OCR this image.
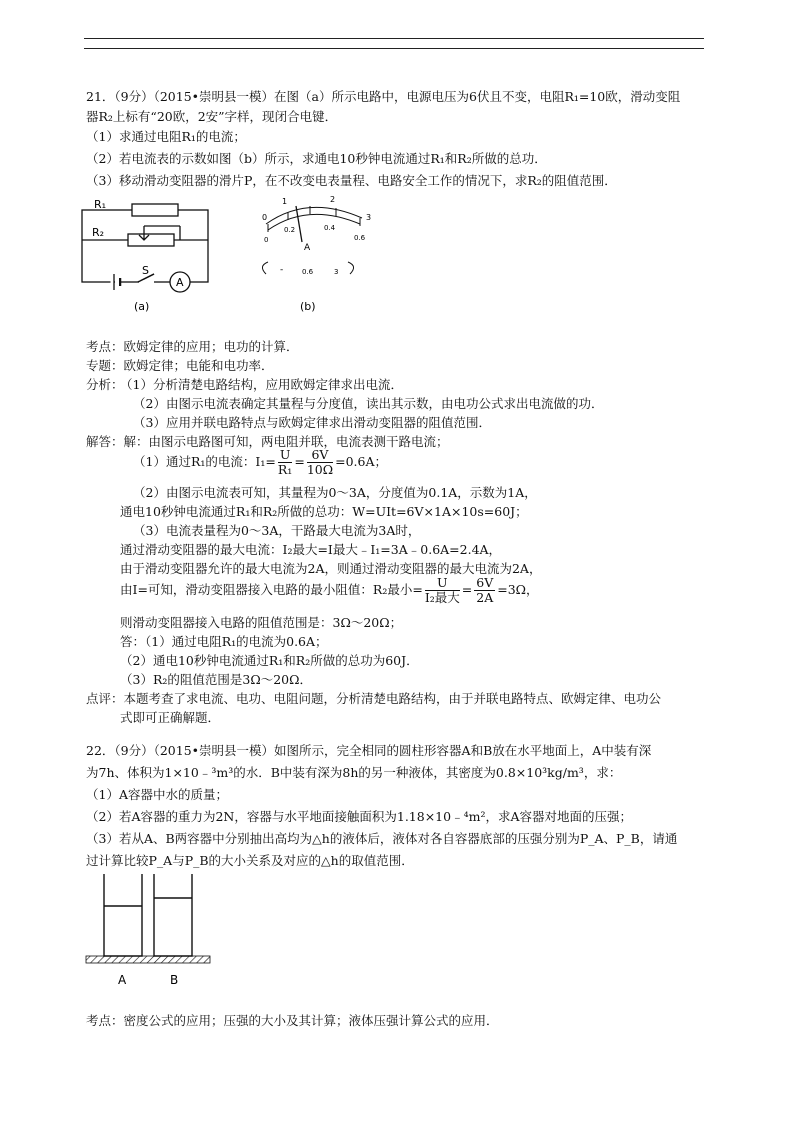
21．（9分）（2015•崇明县一模）在图（a）所示电路中，电源电压为6伏且不变，电阻R₁=10欧，滑动变阻
器R₂上标有“20欧，2安”字样，现闭合电键．
（1）求通过电阻R₁的电流；
（2）若电流表的示数如图（b）所示，求通电10秒钟电流通过R₁和R₂所做的总功．
（3）移动滑动变阻器的滑片P，在不改变电表量程、电路安全工作的情况下，求R₂的阻值范围．
R₁
R₂
S
A
(a)
1
0
2
3
0
0.2	0.4
0.6
A
-	0.6	3
(b)
考点：欧姆定律的应用；电功的计算．
专题：欧姆定律；电能和电功率．
分析：
（1）分析清楚电路结构，应用欧姆定律求出电流．
（2）由图示电流表确定其量程与分度值，读出其示数，由电功公式求出电流做的功．
（3）应用并联电路特点与欧姆定律求出滑动变阻器的阻值范围．
解答：解：由图示电路图可知，两电阻并联，电流表测干路电流；
（1）通过R₁的电流：$I_1= \frac{U}{\text{R₁}} = \frac{6V}{10\Omega} =0.6A$；
（2）由图示电流表可知，其量程为0～3A，分度值为0.1A，示数为1A，
通电10秒钟电流通过R₁和R₂所做的总功：W=UIt=6V×1A×10s=60J；
（3）电流表量程为0～3A，干路最大电流为3A时，
通过滑动变阻器的最大电流：I₂最大=I最大﹣I₁=3A﹣0.6A=2.4A，
由于滑动变阻器允许的最大电流为2A，则通过滑动变阻器的最大电流为2A，
由I=可知，滑动变阻器接入电路的最小阻值：R₂最小= $\frac{U}{\text{I₂最大}} = \frac{6V}{2A} =3\Omega$，
则滑动变阻器接入电路的阻值范围是：3Ω～20Ω；
答：（1）通过电阻R₁的电流为0.6A；
（2）通电10秒钟电流通过R₁和R₂所做的总功为60J．
（3）R₂的阻值范围是3Ω～20Ω．
点评：本题考查了求电流、电功、电阻问题，分析清楚电路结构，由于并联电路特点、欧姆定律、电功公
式即可正确解题．
22．（9分）（2015•崇明县一模）如图所示，完全相同的圆柱形容器A和B放在水平地面上，A中装有深
为7h、体积为1×10﹣³m³的水．B中装有深为8h的另一种液体，其密度为0.8×10³kg/m³，求：
（1）A容器中水的质量；
（2）若A容器的重力为2N，容器与水平地面接触面积为1.18×10﹣⁴m²，求A容器对地面的压强；
（3）若从A、B两容器中分别抽出高均为△h的液体后，液体对各自容器底部的压强分别为P_A、P_B，请通
过计算比较P_A与P_B的大小关系及对应的△h的取值范围．
A	B
考点：密度公式的应用；压强的大小及其计算；液体压强计算公式的应用．
